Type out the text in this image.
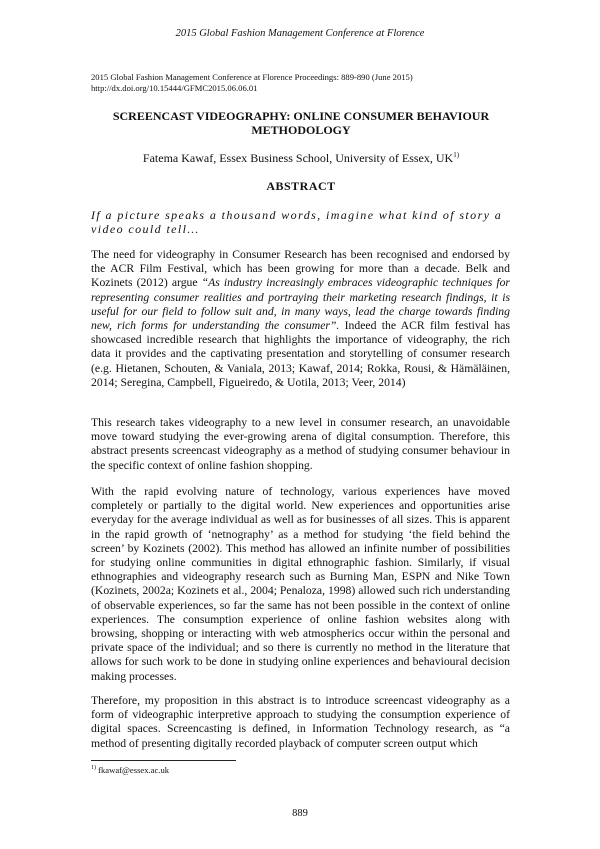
2015 Global Fashion Management Conference at Florence
2015 Global Fashion Management Conference at Florence Proceedings: 889-890 (June 2015)
http://dx.doi.org/10.15444/GFMC2015.06.06.01
SCREENCAST VIDEOGRAPHY: ONLINE CONSUMER BEHAVIOUR
METHODOLOGY
Fatema Kawaf, Essex Business School, University of Essex, UK$^{1)}$
ABSTRACT
If a picture speaks a thousand words, imagine what kind of story a video could tell…

The need for videography in Consumer Research has been recognised and endorsed by the ACR Film Festival, which has been growing for more than a decade. Belk and Kozinets (2012) argue “As industry increasingly embraces videographic techniques for representing consumer realities and portraying their marketing research findings, it is useful for our field to follow suit and, in many ways, lead the charge towards finding new, rich forms for understanding the consumer”. Indeed the ACR film festival has showcased incredible research that highlights the importance of videography, the rich data it provides and the captivating presentation and storytelling of consumer research (e.g. Hietanen, Schouten, & Vaniala, 2013; Kawaf, 2014; Rokka, Rousi, & Hämäläinen, 2014; Seregina, Campbell, Figueiredo, & Uotila, 2013; Veer, 2014)

This research takes videography to a new level in consumer research, an unavoidable move toward studying the ever-growing arena of digital consumption. Therefore, this abstract presents screencast videography as a method of studying consumer behaviour in the specific context of online fashion shopping.

With the rapid evolving nature of technology, various experiences have moved completely or partially to the digital world. New experiences and opportunities arise everyday for the average individual as well as for businesses of all sizes. This is apparent in the rapid growth of ‘netnography’ as a method for studying ‘the field behind the screen’ by Kozinets (2002). This method has allowed an infinite number of possibilities for studying online communities in digital ethnographic fashion. Similarly, if visual ethnographies and videography research such as Burning Man, ESPN and Nike Town (Kozinets, 2002a; Kozinets et al., 2004; Penaloza, 1998) allowed such rich understanding of observable experiences, so far the same has not been possible in the context of online experiences. The consumption experience of online fashion websites along with browsing, shopping or interacting with web atmospherics occur within the personal and private space of the individual; and so there is currently no method in the literature that allows for such work to be done in studying online experiences and behavioural decision making processes.

Therefore, my proposition in this abstract is to introduce screencast videography as a form of videographic interpretive approach to studying the consumption experience of digital spaces. Screencasting is defined, in Information Technology research, as “a method of presenting digitally recorded playback of computer screen output which

$^{1)}$ fkawaf@essex.ac.uk
889
